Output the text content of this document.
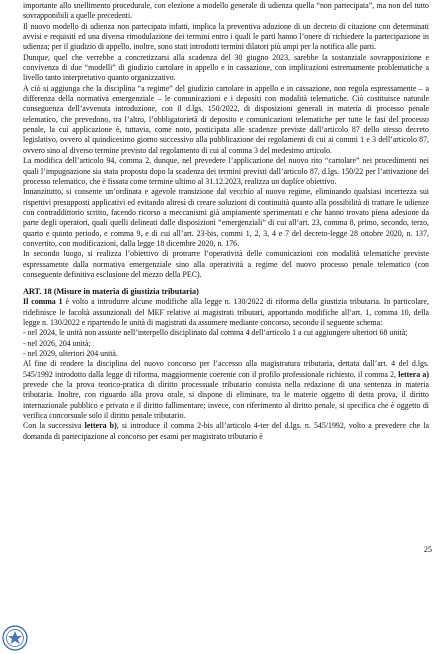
importante allo snellimento procedurale, con elezione a modello generale di udienza quella “non partecipata”, ma non del tutto sovrapponibili a quelle precedenti.

Il nuovo modello di udienza non partecipata infatti, implica la preventiva adozione di un decreto di citazione con determinati avvisi e requisiti ed una diversa rimodulazione dei termini entro i quali le parti hanno l’onere di richiedere la partecipazione in udienza; per il giudizio di appello, inoltre, sono stati introdotti termini dilatori più ampi per la notifica alle parti.

Dunque, quel che verrebbe a concretizzarsi alla scadenza del 30 giugno 2023, sarebbe la sostanziale sovrapposizione e convivenza di due “modelli” di giudizio cartolare in appello e in cassazione, con implicazioni estremamente problematiche a livello tanto interpretativo quanto organizzativo.

A ciò si aggiunga che la disciplina “a regime” del giudizio cartolare in appello e in cassazione, non regola espressamente – a differenza della normativa emergenziale – le comunicazioni e i depositi con modalità telematiche. Ciò costituisce naturale conseguenza dell’avvenuta introduzione, con il d.lgs. 150/2022, di disposizioni generali in materia di processo penale telematico, che prevedono, tra l’altro, l’obbligatorietà di deposito e comunicazioni telematiche per tutte le fasi del processo penale, la cui applicazione è, tuttavia, come noto, posticipata alle scadenze previste dall’articolo 87 dello stesso decreto legislativo, ovvero al quindicesimo giorno successivo alla pubblicazione dei regolamenti di cui ai commi 1 e 3 dell’articolo 87, ovvero sino al diverso termine previsto dal regolamento di cui al comma 3 del medesimo articolo.

La modifica dell’articolo 94, comma 2, dunque, nel prevedere l’applicazione del nuovo rito “cartolare” nei procedimenti nei quali l’impugnazione sia stata proposta dopo la scadenza dei termini previsti dall’articolo 87, d.lgs. 150/22 per l’attivazione del processo telematico, che è fissata come termine ultimo al 31.12.2023, realizza un duplice obiettivo.

Innanzitutto, si consente un’ordinata e agevole transizione dal vecchio al nuovo regime, eliminando qualsiasi incertezza sui rispettivi presupposti applicativi ed evitando altresì di creare soluzioni di continuità quanto alla possibilità di trattare le udienze con contraddittorio scritto, facendo ricorso a meccanismi già ampiamente sperimentati e che hanno trovato piena adesione da parte degli operatori, quali quelli delineati dalle disposizioni “emergenziali” di cui all’art. 23, comma 8, primo, secondo, terzo, quarto e quinto periodo, e comma 9, e di cui all’art. 23-bis, commi 1, 2, 3, 4 e 7 del decreto-legge 28 ottobre 2020, n. 137, convertito, con modificazioni, dalla legge 18 dicembre 2020, n. 176.

In secondo luogo, si realizza l’obiettivo di protrarre l’operatività delle comunicazioni con modalità telematiche previste espressamente dalla normativa emergenziale sino alla operatività a regime del nuovo processo penale telematico (con conseguente definitiva esclusione del mezzo della PEC).

ART. 18 (Misure in materia di giustizia tributaria)

Il comma 1 è volto a introdurre alcune modifiche alla legge n. 130/2022 di riforma della giustizia tributaria. In particolare, ridefinisce le facoltà assunzionali del MEF relative ai magistrati tributari, apportando modifiche all’art. 1, comma 10, della legge n. 130/2022 e ripartendo le unità di magistrati da assumere mediante concorso, secondo il seguente schema:

- nel 2024, le unità non assunte nell’interpello disciplinato dal comma 4 dell’articolo 1 a cui aggiungere ulteriori 68 unità;
- nel 2026, 204 unità;
- nel 2029, ulteriori 204 unità.

Al fine di rendere la disciplina del nuovo concorso per l’accesso alla magistratura tributaria, dettata dall’art. 4 del d.lgs. 545/1992 introdotto dalla legge di riforma, maggiormente coerente con il profilo professionale richiesto, il comma 2, lettera a) prevede che la prova teorico-pratica di diritto processuale tributario consista nella redazione di una sentenza in materia tributaria. Inoltre, con riguardo alla prova orale, si dispone di eliminare, tra le materie oggetto di detta prova, il diritto internazionale pubblico e privato e il diritto fallimentare; invece, con riferimento al diritto penale, si specifica che è oggetto di verifica concorsuale solo il diritto penale tributario.

Con la successiva lettera b), si introduce il comma 2-bis all’articolo 4-ter del d.lgs. n. 545/1992, volto a prevedere che la domanda di partecipazione al concorso per esami per magistrato tributario è

25
